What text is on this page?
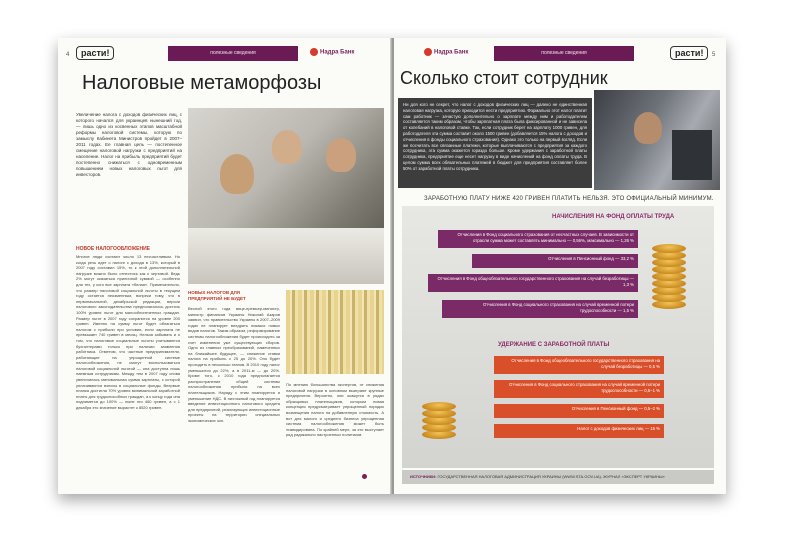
4	расти!	полезные сведения	Надра Банк
Налоговые метаморфозы
Увеличение налога с доходов физических лиц, с которого начался для украинцев нынешний год, — лишь одно из косвенных этапов масштабной реформы налоговой системы, которую по замыслу Кабинета Министров пройдет в 2007–2011 годах. Ее главная цель — постепенное смещение налоговой нагрузки с предприятий на население. Налог на прибыль предприятий будет постепенно снижаться с одновременным повышением новых налоговых льгот для инвесторов.
НОВОЕ НАЛОГООБЛОЖЕНИЕ
Многие люди считают число 13 несчастливым. Но когда речь идет о налоге с дохода в 13%, который в 2007 году составил 15%, то к этой дополнительной нагрузке можно было отнестись как к чертовой. Ведь 2% могут оказаться приличной суммой — особенно для тех, у кого все зарплата «белая». Примечательно, что размер налоговой социальной льготы в текущем году остается неизменным, вопреки тому, что в первоначальной, декабрьской редакции, версии налогового законодательства предполагалось достичь 100% уровня льгот для малообеспеченных граждан. Размер льгот в 2007 году сохранится на уровне 200 гривен. Именно на сумму льгот будет облагаться налогом с прибыли при условии, если зарплата не превышает 740 гривен в месяц. Нельзя забывать и о том, что налоговые социальные льготы учитываются бухгалтерами только при наличии заявления работника. Отметим, что частные предприниматели, работающие на упрощенной системе налогообложения, не смогут воспользоваться налоговой социальной льготой — она доступна лишь наемным сотрудникам. Между тем в 2007 году снова увеличилась минимальная сумма зарплаты, с которой уплачиваются взносы в социальные фонды. Впервые планка достигла 70% уровня минимальной заработной платы для трудоспособных граждан, а к концу года она поднимется до 100% — ныне это 460 гривен, а с 1 декабря это значение вырастет к 8520 гривен.
НОВЫХ НАЛОГОВ ДЛЯ ПРЕДПРИЯТИЙ НЕ БУДЕТ
Весной этого года вице-премьер-министр, министр финансов Украины Николай Азаров заявил, что правительство Украины в 2007–2009 годах не планирует внедрять никаких новых видов налогов. Таким образом, реформирование системы налогообложения будет происходить за счет изменения уже существующих сборов. Одно из главных преобразований, намеченных на ближайшее будущее, — снижение ставки налога на прибыль с 25 до 20%. Оно будет проходить в несколько этапов. В 2010 году налог уменьшится до 22%, а в 2011-м — до 20%. Кроме того, с 2010 года предполагается распространение общей системы налогообложения прибыли на всех плательщиков. Наряду с этим планируется и уменьшение НДС. В ничтожный год планируется введение инвестиционного налогового кредита для предприятий, реализующих инвестиционные проекты на территории специальных экономических зон.
По мнению большинства экспертов, от снижения налоговой нагрузки в основном выиграют крупные предприятия. Вероятно, они окажутся в рядах образцовых плательщиков, которым новая концепция предусматривает упрощенный порядок возмещения налога на добавленную стоимость. А вот для малого и среднего бизнеса упрощенная система налогообложения может быть ликвидирована. По крайней мере, за это выступает ряд радикально настроенных политиков.
Надра Банк	полезные сведения	расти!	5
Сколько стоит сотрудник
Ни для кого не секрет, что налог с доходов физических лиц — далеко не единственная налоговая нагрузка, которую приходится нести предприятию. Формально этот налог платит сам работник — зачастую дополнительно о зарплате между ним и работодателем составляется таким образом, чтобы зарплатная плата была фиксированной и не зависела от колебаний в налоговой ставке. Так, если сотрудник берет на зарплату 1000 гривен, для работодателя эта сумма составит около 1500 гривен (добавляется 15% налога с доходов и отчисления в фонды социального страхования). Однако это только на первый взгляд. Если же посчитать все связанные платежи, которые выплачиваются с предприятия за каждого сотрудника, эта сумма окажется гораздо больше. Кроме удержания с заработной платы сотрудника, предприятие еще несет нагрузку в виде начислений на фонд оплаты труда. В целом сумма всех обязательных платежей в бюджет для предприятия составляет более 50% от заработной платы сотрудника.
ЗАРАБОТНУЮ ПЛАТУ НИЖЕ 420 ГРИВЕН ПЛАТИТЬ НЕЛЬЗЯ. ЭТО ОФИЦИАЛЬНЫЙ МИНИМУМ.
НАЧИСЛЕНИЯ НА ФОНД ОПЛАТЫ ТРУДА
Отчисления в Фонд социального страхования от несчастных случаев. В зависимости от отрасли сумма может составлять минимально — 0,56%, максимально — 1,26 %
Отчисления в Пенсионный фонд — 33,2 %
Отчисления в Фонд общеобязательного государственного страхования на случай безработицы — 1,3 %
Отчисления в Фонд социального страхования на случай временной потери трудоспособности — 1,5 %
УДЕРЖАНИЕ С ЗАРАБОТНОЙ ПЛАТЫ
Отчисления в Фонд общеобязательного государственного страхования на случай безработицы — 0,5 %
Отчисления в Фонд социального страхования на случай временной потери трудоспособности — 0,5–1 %
Отчисления в Пенсионный фонд — 0,5–2 %
Налог с доходов физических лиц — 15 %
ИСТОЧНИКИ: ГОСУДАРСТВЕННАЯ НАЛОГОВАЯ АДМИНИСТРАЦИЯ УКРАИНЫ (WWW.STA.GOV.UA), ЖУРНАЛ «ЭКСПЕРТ УКРАИНЫ»
